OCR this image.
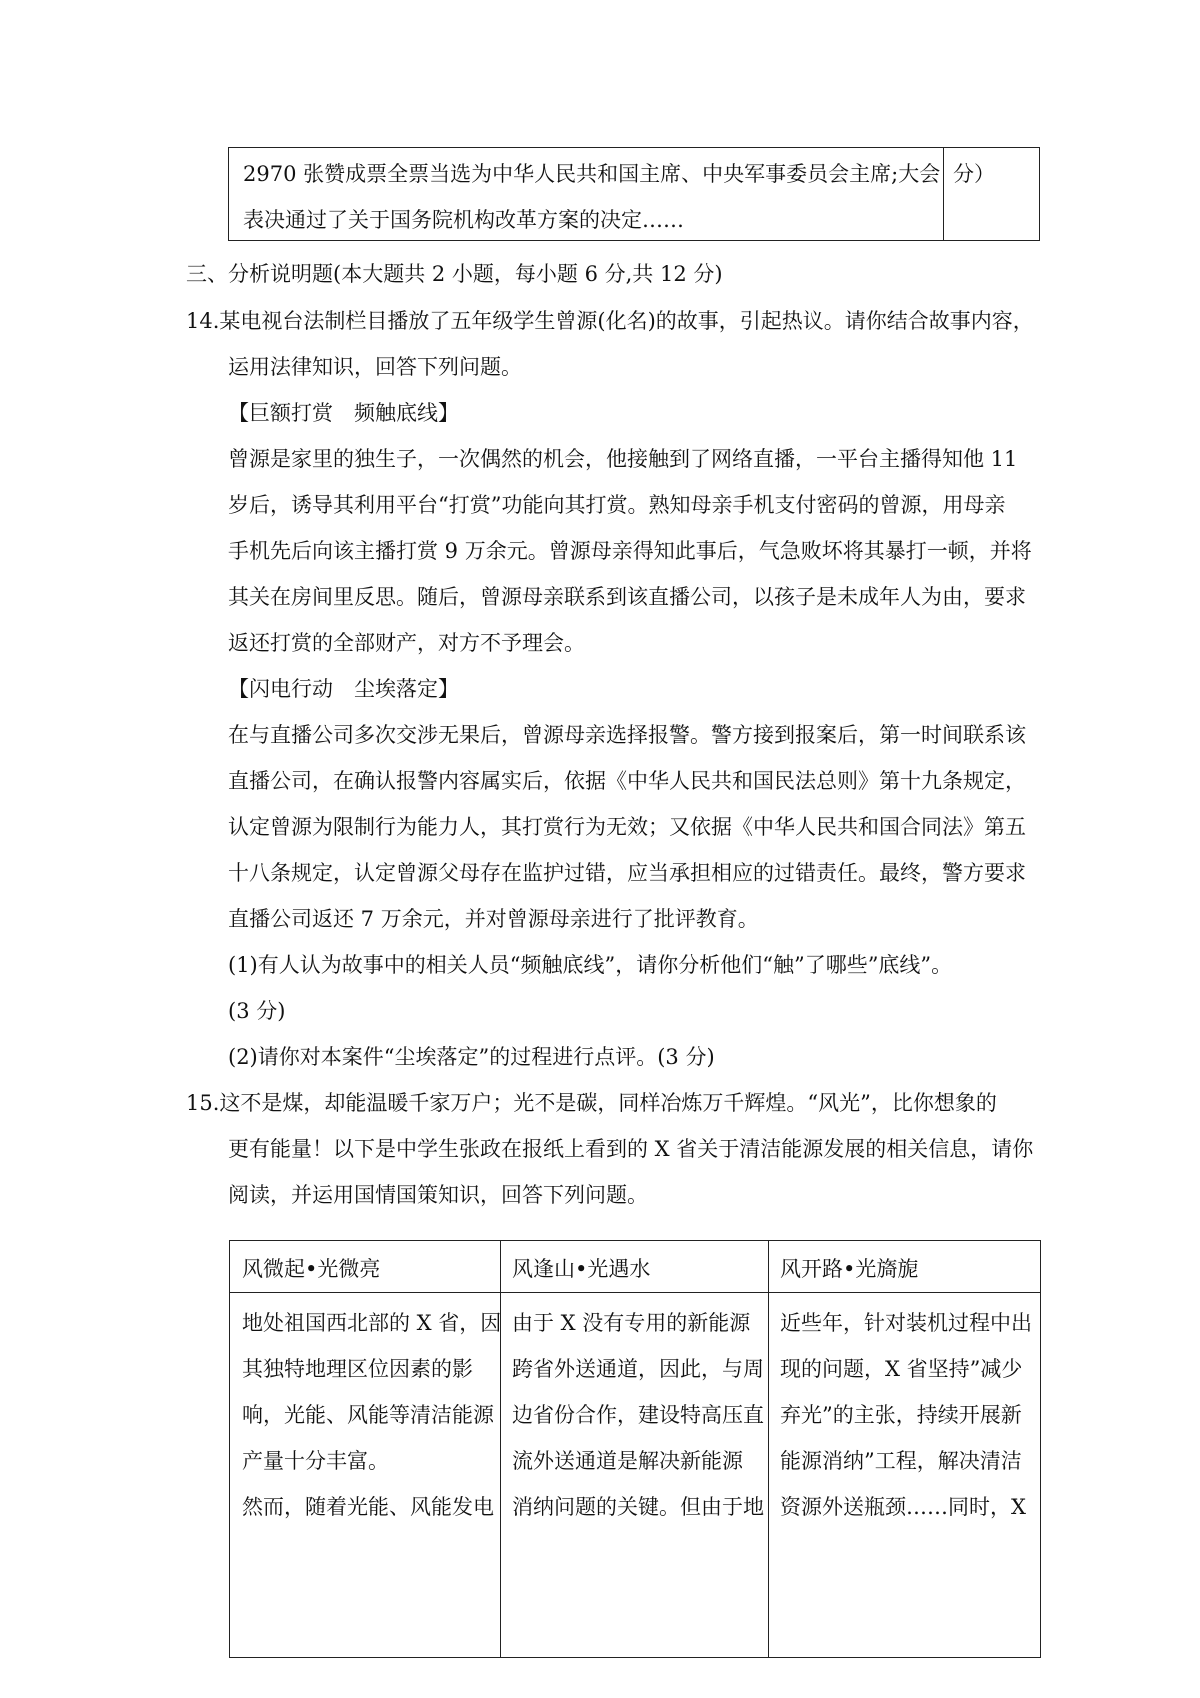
2970 张赞成票全票当选为中华人民共和国主席、中央军事委员会主席;大会
表决通过了关于国务院机构改革方案的决定……
分）
三、分析说明题(本大题共 2 小题，每小题 6 分,共 12 分)
14.某电视台法制栏目播放了五年级学生曾源(化名)的故事，引起热议。请你结合故事内容，
运用法律知识，回答下列问题。
【巨额打赏　频触底线】
曾源是家里的独生子，一次偶然的机会，他接触到了网络直播，一平台主播得知他 11
岁后，诱导其利用平台“打赏”功能向其打赏。熟知母亲手机支付密码的曾源，用母亲
手机先后向该主播打赏 9 万余元。曾源母亲得知此事后，气急败坏将其暴打一顿，并将
其关在房间里反思。随后，曾源母亲联系到该直播公司，以孩子是未成年人为由，要求
返还打赏的全部财产，对方不予理会。
【闪电行动　尘埃落定】
在与直播公司多次交涉无果后，曾源母亲选择报警。警方接到报案后，第一时间联系该
直播公司，在确认报警内容属实后，依据《中华人民共和国民法总则》第十九条规定，
认定曾源为限制行为能力人，其打赏行为无效；又依据《中华人民共和国合同法》第五
十八条规定，认定曾源父母存在监护过错，应当承担相应的过错责任。最终，警方要求
直播公司返还 7 万余元，并对曾源母亲进行了批评教育。
(1)有人认为故事中的相关人员“频触底线”，请你分析他们“触”了哪些”底线”。
(3 分)
(2)请你对本案件“尘埃落定”的过程进行点评。(3 分)
15.这不是煤，却能温暖千家万户；光不是碳，同样冶炼万千辉煌。“风光”，比你想象的
更有能量！以下是中学生张政在报纸上看到的 X 省关于清洁能源发展的相关信息，请你
阅读，并运用国情国策知识，回答下列问题。
风微起•光微亮	风逢山•光遇水	风开路•光旖旎
地处祖国西北部的 X 省，因
其独特地理区位因素的影
响，光能、风能等清洁能源
产量十分丰富。
然而，随着光能、风能发电
由于 X 没有专用的新能源
跨省外送通道，因此，与周
边省份合作，建设特高压直
流外送通道是解决新能源
消纳问题的关键。但由于地
近些年，针对装机过程中出
现的问题，X 省坚持”减少
弃光”的主张，持续开展新
能源消纳”工程，解决清洁
资源外送瓶颈……同时，X
